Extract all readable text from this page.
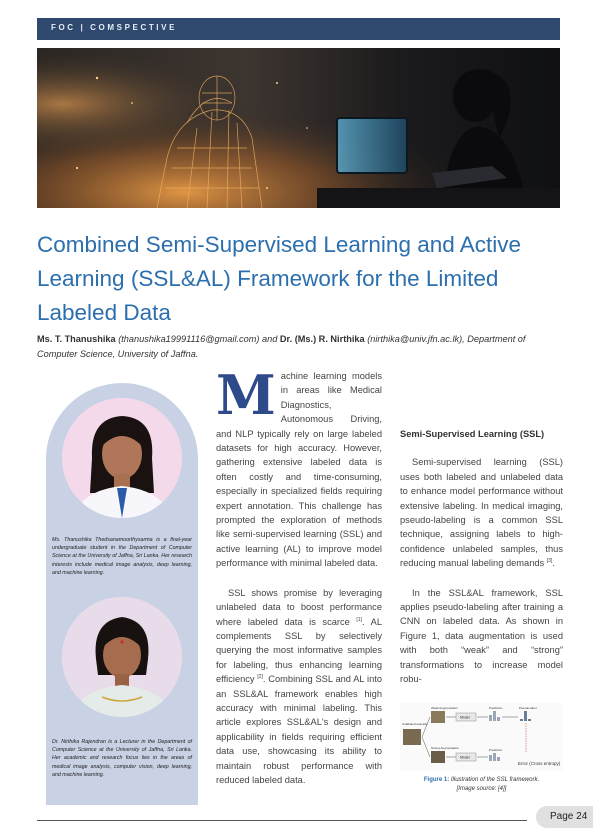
FOC | COMSPECTIVE
Combined Semi-Supervised Learning and Active Learning (SSL&AL) Framework for the Limited Labeled Data

Ms. T. Thanushika (thanushika19991116@gmail.com) and Dr. (Ms.) R. Nirthika (nirthika@univ.jfn.ac.lk), Department of Computer Science, University of Jaffna.

Ms. Thanushika Thedsanamoorthysarma is a final-year undergraduate student in the Department of Computer Science at the University of Jaffna, Sri Lanka. Her research interests include medical image analysis, deep learning, and machine learning.

Dr. Nirthika Rajendran is a Lecturer in the Department of Computer Science at the University of Jaffna, Sri Lanka. Her academic and research focus lies in the areas of medical image analysis, computer vision, deep learning, and machine learning.

M achine learning models in areas like Medical Diagnostics, Autonomous Driving, and NLP typically rely on large labeled datasets for high accuracy. However, gathering extensive labeled data is often costly and time-consuming, especially in specialized fields requiring expert annotation. This challenge has prompted the exploration of methods like semi-supervised learning (SSL) and active learning (AL) to improve model performance with minimal labeled data.
SSL shows promise by leveraging unlabeled data to boost performance where labeled data is scarce [1]. AL complements SSL by selectively querying the most informative samples for labeling, thus enhancing learning efficiency [2]. Combining SSL and AL into an SSL&AL framework enables high accuracy with minimal labeling. This article explores SSL&AL's design and applicability in fields requiring efficient data use, showcasing its ability to maintain robust performance with reduced labeled data.
Semi-Supervised Learning (SSL)
Semi-supervised learning (SSL) uses both labeled and unlabeled data to enhance model performance without extensive labeling. In medical imaging, pseudo-labeling is a common SSL technique, assigning labels to high-confidence unlabeled samples, thus reducing manual labeling demands [3].
In the SSL&AL framework, SSL applies pseudo-labeling after training a CNN on labeled data. As shown in Figure 1, data augmentation is used with both “weak” and “strong” transformations to increase model robu-
Unlabeled example
Weak Augmentation
Strong Augmentation
Model
Model
Prediction
Prediction
Pseudo-label
Error (Cross entropy)

Figure 1: Illustration of the SSL framework.
[Image source: [4]]

Page 24
